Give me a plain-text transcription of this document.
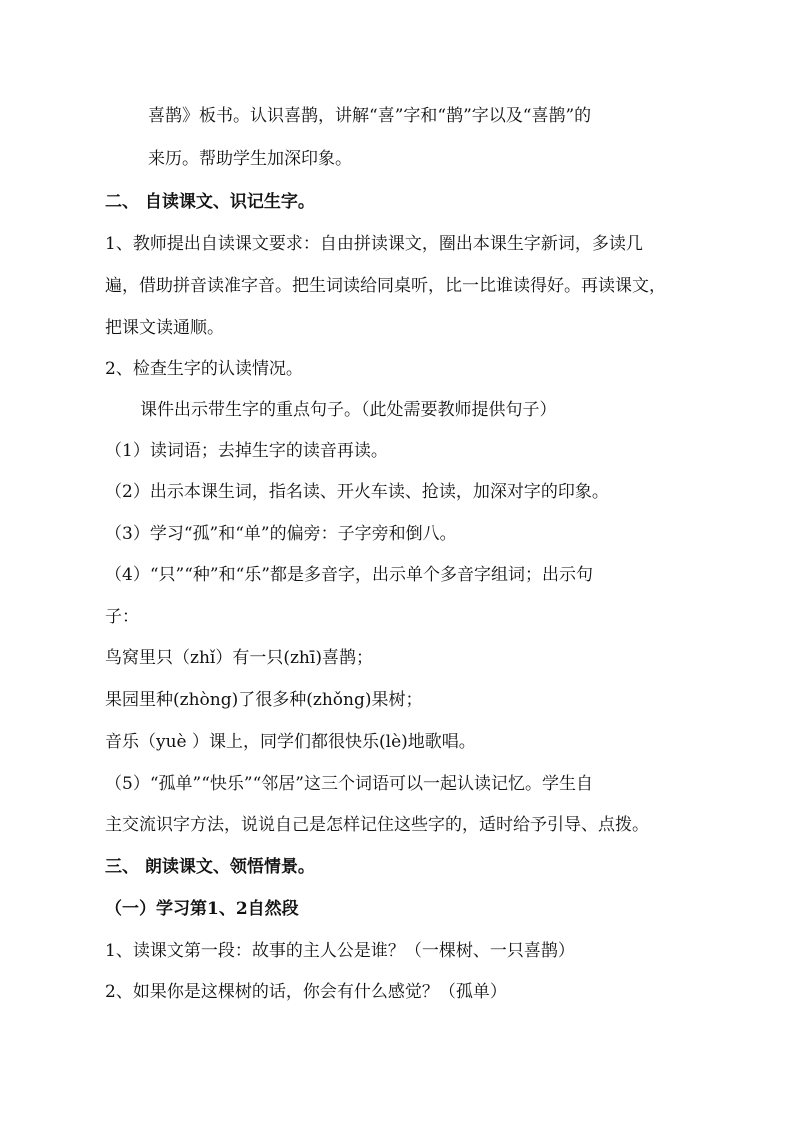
喜鹊》板书。认识喜鹊，讲解“喜”字和“鹊”字以及“喜鹊”的
来历。帮助学生加深印象。
二、 自读课文、识记生字。
1、教师提出自读课文要求：自由拼读课文，圈出本课生字新词，多读几
遍，借助拼音读准字音。把生词读给同桌听，比一比谁读得好。再读课文，
把课文读通顺。
2、检查生字的认读情况。
课件出示带生字的重点句子。（此处需要教师提供句子）
（1）读词语；去掉生字的读音再读。
（2）出示本课生词，指名读、开火车读、抢读，加深对字的印象。
（3）学习“孤”和“单”的偏旁：子字旁和倒八。
（4）“只”“种”和“乐”都是多音字，出示单个多音字组词；出示句
子：
鸟窝里只（zhǐ）有一只(zhī)喜鹊；
果园里种(zhòng)了很多种(zhǒng)果树；
音乐（yuè ）课上，同学们都很快乐(lè)地歌唱。
（5）“孤单”“快乐”“邻居”这三个词语可以一起认读记忆。学生自
主交流识字方法，说说自己是怎样记住这些字的，适时给予引导、点拨。
三、 朗读课文、领悟情景。
（一）学习第1、2自然段
1、读课文第一段：故事的主人公是谁？（一棵树、一只喜鹊）
2、如果你是这棵树的话，你会有什么感觉？（孤单）
